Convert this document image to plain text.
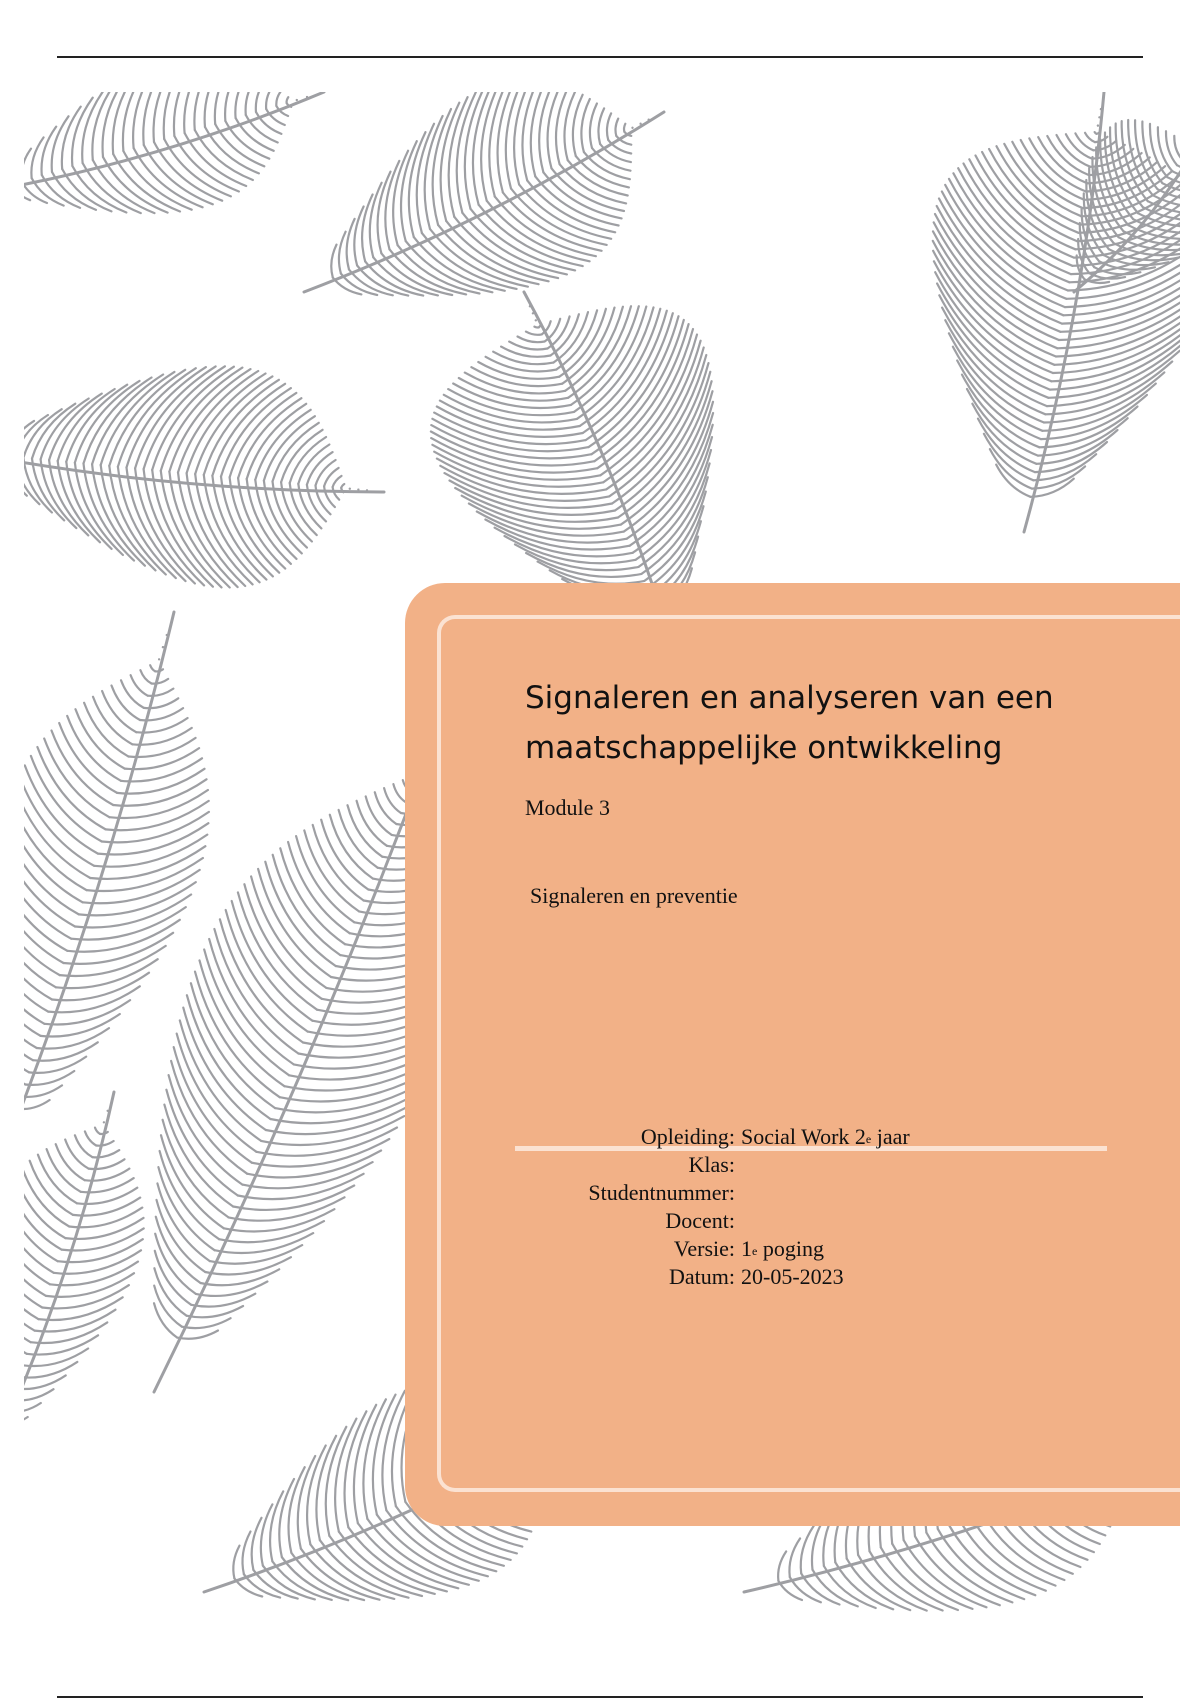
Signaleren en analyseren van een maatschappelijke ontwikkeling
Module 3
Signaleren en preventie
Opleiding: Social Work 2e jaar
Klas:
Studentnummer:
Docent:
Versie: 1e poging
Datum: 20-05-2023
